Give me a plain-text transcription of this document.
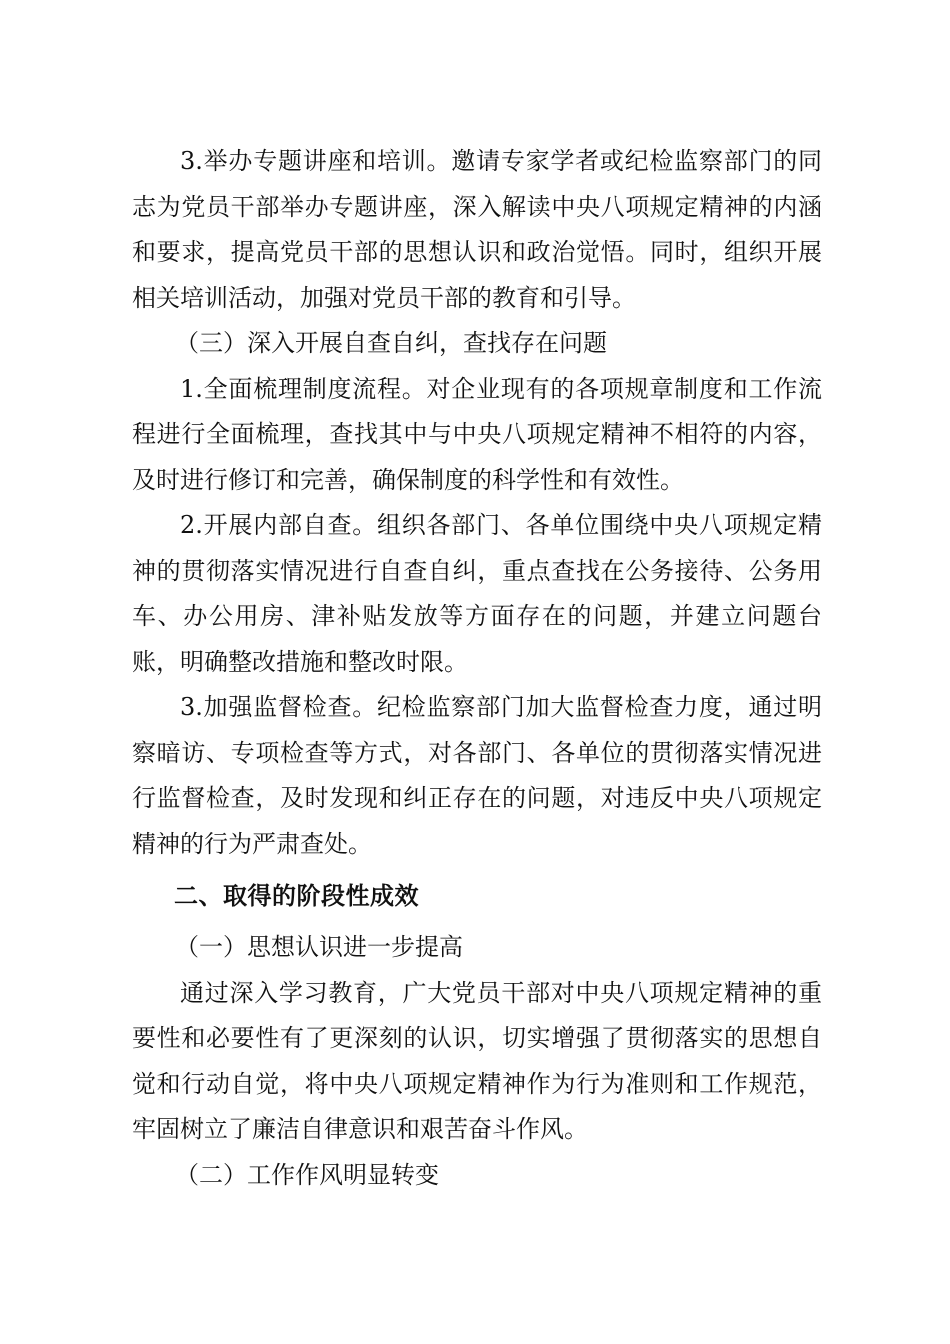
3.举办专题讲座和培训。邀请专家学者或纪检监察部门的同志为党员干部举办专题讲座，深入解读中央八项规定精神的内涵和要求，提高党员干部的思想认识和政治觉悟。同时，组织开展相关培训活动，加强对党员干部的教育和引导。

（三）深入开展自查自纠，查找存在问题

1.全面梳理制度流程。对企业现有的各项规章制度和工作流程进行全面梳理，查找其中与中央八项规定精神不相符的内容，及时进行修订和完善，确保制度的科学性和有效性。

2.开展内部自查。组织各部门、各单位围绕中央八项规定精神的贯彻落实情况进行自查自纠，重点查找在公务接待、公务用车、办公用房、津补贴发放等方面存在的问题，并建立问题台账，明确整改措施和整改时限。

3.加强监督检查。纪检监察部门加大监督检查力度，通过明察暗访、专项检查等方式，对各部门、各单位的贯彻落实情况进行监督检查，及时发现和纠正存在的问题，对违反中央八项规定精神的行为严肃查处。

二、取得的阶段性成效

（一）思想认识进一步提高

通过深入学习教育，广大党员干部对中央八项规定精神的重要性和必要性有了更深刻的认识，切实增强了贯彻落实的思想自觉和行动自觉，将中央八项规定精神作为行为准则和工作规范，牢固树立了廉洁自律意识和艰苦奋斗作风。

（二）工作作风明显转变
